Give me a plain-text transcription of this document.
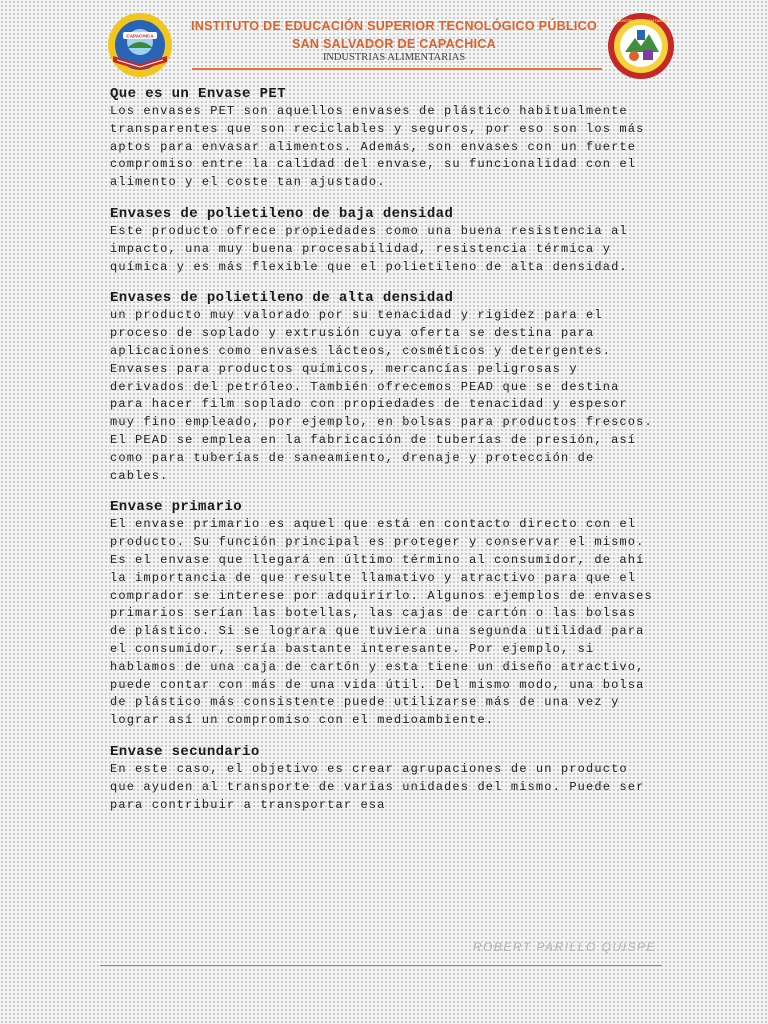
CAPACHICA
INSTITUTO DE EDUCACIÓN SUPERIOR TECNOLÓGICO PÚBLICO
SAN SALVADOR DE CAPACHICA
INDUSTRIAS ALIMENTARIAS
INDUSTRIAS ALIMENTARIAS
Que es un Envase PET

Los envases PET son aquellos envases de plástico habitualmente transparentes que son reciclables y seguros, por eso son los más aptos para envasar alimentos. Además, son envases con un fuerte compromiso entre la calidad del envase, su funcionalidad con el alimento y el coste tan ajustado.

Envases de polietileno de baja densidad

Este producto ofrece propiedades como una buena resistencia al impacto, una muy buena procesabilidad, resistencia térmica y química y es más flexible que el polietileno de alta densidad.

Envases de polietileno de alta densidad

un producto muy valorado por su tenacidad y rigidez para el proceso de soplado y extrusión cuya oferta se destina para aplicaciones como envases lácteos, cosméticos y detergentes. Envases para productos químicos, mercancías peligrosas y derivados del petróleo. También ofrecemos PEAD que se destina para hacer film soplado con propiedades de tenacidad y espesor muy fino empleado, por ejemplo, en bolsas para productos frescos. El PEAD se emplea en la fabricación de tuberías de presión, así como para tuberías de saneamiento, drenaje y protección de cables.

Envase primario

El envase primario es aquel que está en contacto directo con el producto. Su función principal es proteger y conservar el mismo. Es el envase que llegará en último término al consumidor, de ahí la importancia de que resulte llamativo y atractivo para que el comprador se interese por adquirirlo. Algunos ejemplos de envases primarios serían las botellas, las cajas de cartón o las bolsas de plástico. Si se lograra que tuviera una segunda utilidad para el consumidor, sería bastante interesante. Por ejemplo, si hablamos de una caja de cartón y esta tiene un diseño atractivo, puede contar con más de una vida útil. Del mismo modo, una bolsa de plástico más consistente puede utilizarse más de una vez y lograr así un compromiso con el medioambiente.

Envase secundario

En este caso, el objetivo es crear agrupaciones de un producto que ayuden al transporte de varias unidades del mismo. Puede ser para contribuir a transportar esa

ROBERT PARILLO QUISPE
